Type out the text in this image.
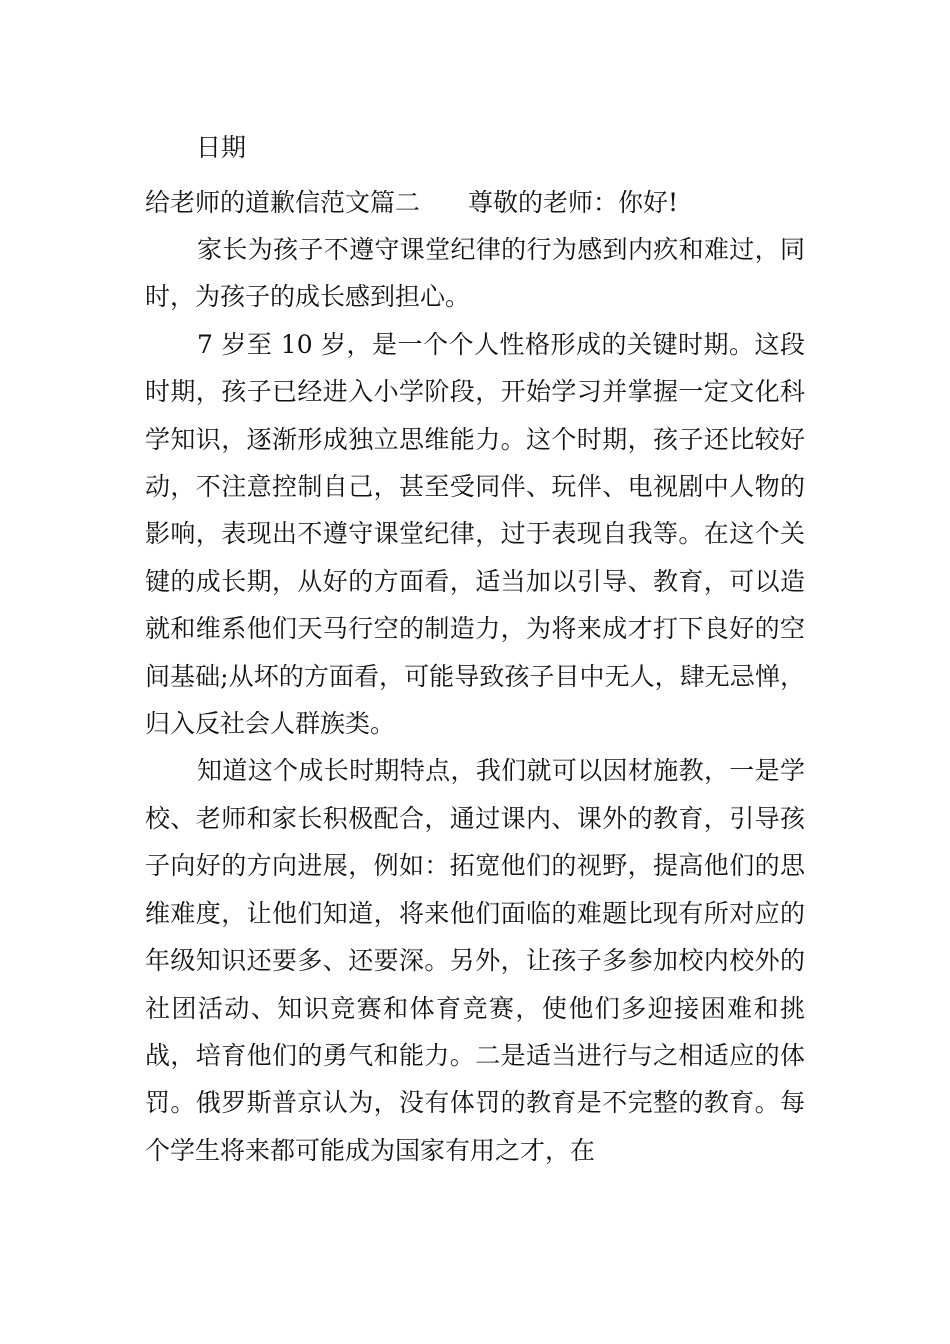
日期
给老师的道歉信范文篇二 尊敬的老师：你好!

家长为孩子不遵守课堂纪律的行为感到内疚和难过，同时，为孩子的成长感到担心。

7 岁至 10 岁，是一个个人性格形成的关键时期。这段时期，孩子已经进入小学阶段，开始学习并掌握一定文化科学知识，逐渐形成独立思维能力。这个时期，孩子还比较好动，不注意控制自己，甚至受同伴、玩伴、电视剧中人物的影响，表现出不遵守课堂纪律，过于表现自我等。在这个关键的成长期，从好的方面看，适当加以引导、教育，可以造就和维系他们天马行空的制造力，为将来成才打下良好的空间基础;从坏的方面看，可能导致孩子目中无人，肆无忌惮，归入反社会人群族类。

知道这个成长时期特点，我们就可以因材施教，一是学校、老师和家长积极配合，通过课内、课外的教育，引导孩子向好的方向进展，例如：拓宽他们的视野，提高他们的思维难度，让他们知道，将来他们面临的难题比现有所对应的年级知识还要多、还要深。另外，让孩子多参加校内校外的社团活动、知识竞赛和体育竞赛，使他们多迎接困难和挑战，培育他们的勇气和能力。二是适当进行与之相适应的体罚。俄罗斯普京认为，没有体罚的教育是不完整的教育。每个学生将来都可能成为国家有用之才，在
